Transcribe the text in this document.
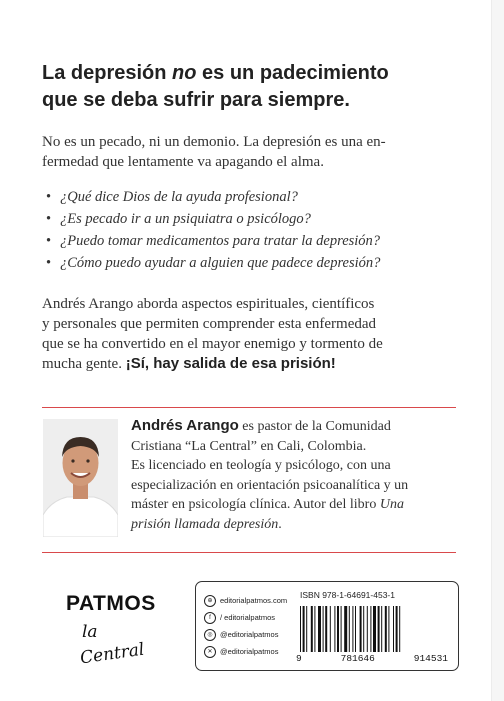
La depresión no es un padecimiento
que se deba sufrir para siempre.
No es un pecado, ni un demonio. La depresión es una en-
fermedad que lentamente va apagando el alma.
• ¿Qué dice Dios de la ayuda profesional?
• ¿Es pecado ir a un psiquiatra o psicólogo?
• ¿Puedo tomar medicamentos para tratar la depresión?
• ¿Cómo puedo ayudar a alguien que padece depresión?
Andrés Arango aborda aspectos espirituales, científicos
y personales que permiten comprender esta enfermedad
que se ha convertido en el mayor enemigo y tormento de
mucha gente. ¡Sí, hay salida de esa prisión!
Andrés Arango es pastor de la Comunidad
Cristiana “La Central” en Cali, Colombia.
Es licenciado en teología y psicólogo, con una
especialización en orientación psicoanalítica y un
máster en psicología clínica. Autor del libro Una
prisión llamada depresión.
PATMOS
la
Central
⊕ editorialpatmos.com
f	/ editorialpatmos
◎ @editorialpatmos
✕ @editorialpatmos
ISBN 978-1-64691-453-1
9	781646	914531
